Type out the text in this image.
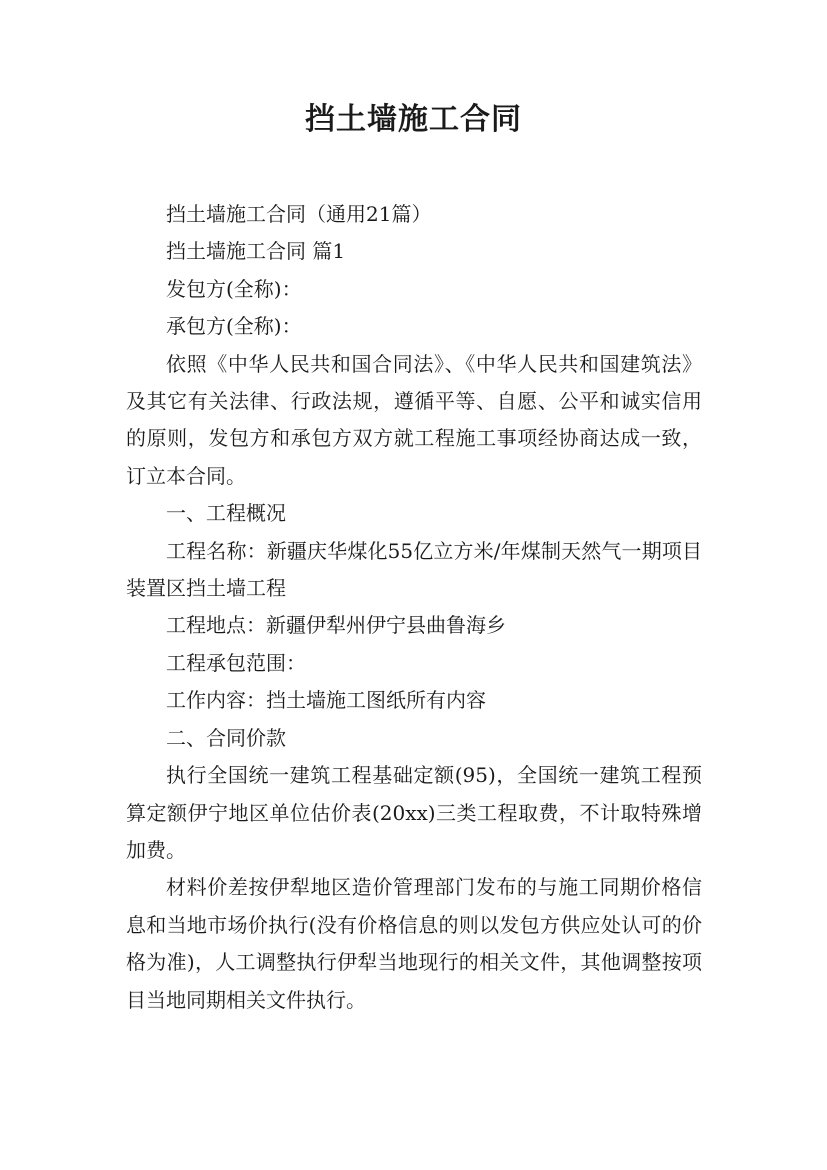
挡土墙施工合同

挡土墙施工合同（通用21篇）

挡土墙施工合同 篇1

发包方(全称)：

承包方(全称)：

依照《中华人民共和国合同法》、《中华人民共和国建筑法》及其它有关法律、行政法规，遵循平等、自愿、公平和诚实信用的原则，发包方和承包方双方就工程施工事项经协商达成一致，订立本合同。

一、工程概况

工程名称：新疆庆华煤化55亿立方米/年煤制天然气一期项目装置区挡土墙工程

工程地点：新疆伊犁州伊宁县曲鲁海乡

工程承包范围：

工作内容：挡土墙施工图纸所有内容

二、合同价款

执行全国统一建筑工程基础定额(95)，全国统一建筑工程预算定额伊宁地区单位估价表(20xx)三类工程取费，不计取特殊增加费。

材料价差按伊犁地区造价管理部门发布的与施工同期价格信息和当地市场价执行(没有价格信息的则以发包方供应处认可的价格为准)，人工调整执行伊犁当地现行的相关文件，其他调整按项目当地同期相关文件执行。
